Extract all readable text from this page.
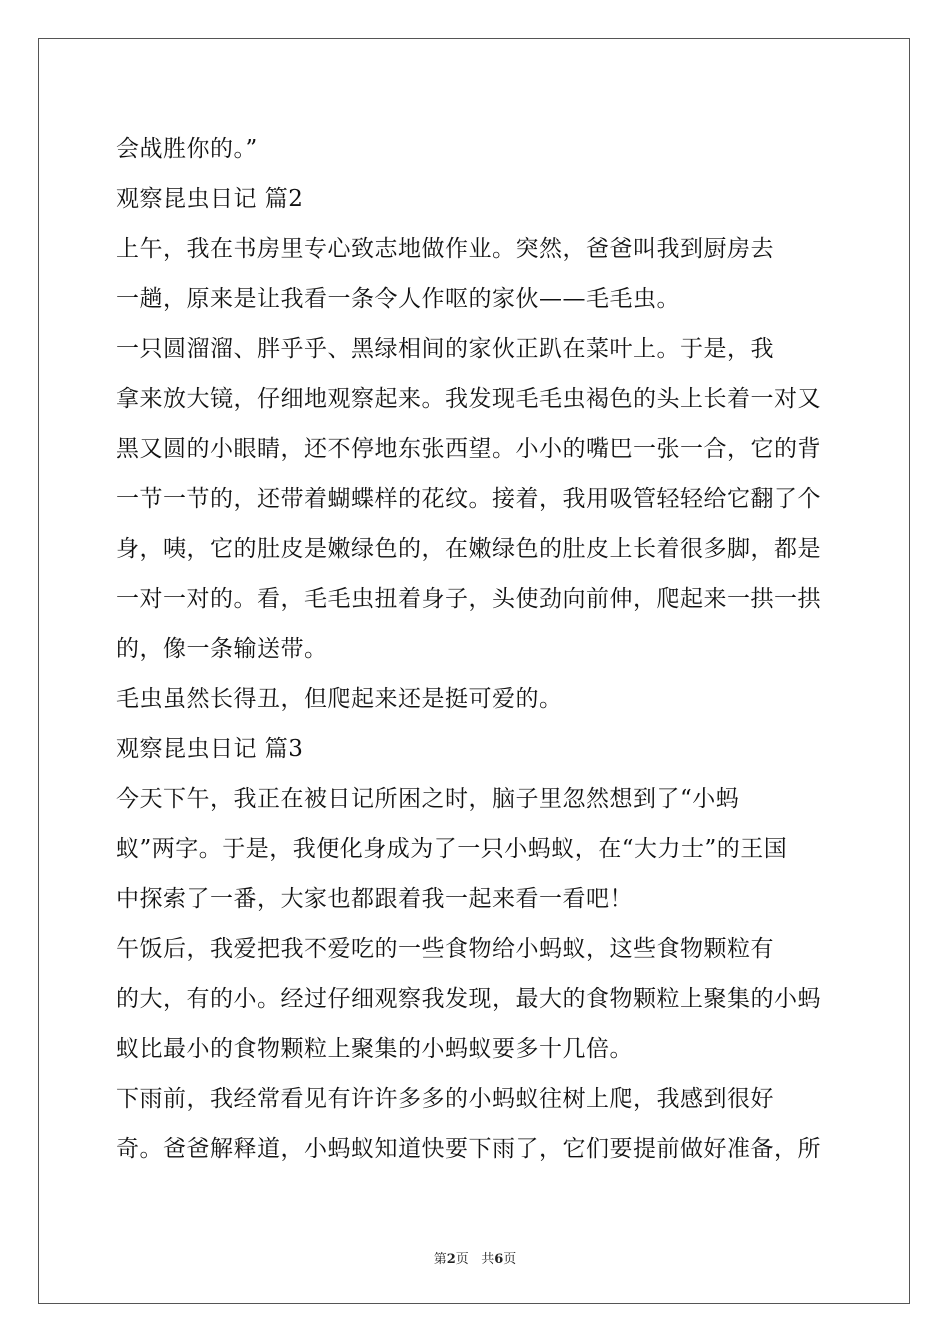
会战胜你的。”
观察昆虫日记 篇2
上午，我在书房里专心致志地做作业。突然，爸爸叫我到厨房去
一趟，原来是让我看一条令人作呕的家伙——毛毛虫。
一只圆溜溜、胖乎乎、黑绿相间的家伙正趴在菜叶上。于是，我
拿来放大镜，仔细地观察起来。我发现毛毛虫褐色的头上长着一对又
黑又圆的小眼睛，还不停地东张西望。小小的嘴巴一张一合，它的背
一节一节的，还带着蝴蝶样的花纹。接着，我用吸管轻轻给它翻了个
身，咦，它的肚皮是嫩绿色的，在嫩绿色的肚皮上长着很多脚，都是
一对一对的。看，毛毛虫扭着身子，头使劲向前伸，爬起来一拱一拱
的，像一条输送带。
毛虫虽然长得丑，但爬起来还是挺可爱的。
观察昆虫日记 篇3
今天下午，我正在被日记所困之时，脑子里忽然想到了“小蚂
蚁”两字。于是，我便化身成为了一只小蚂蚁，在“大力士”的王国
中探索了一番，大家也都跟着我一起来看一看吧！
午饭后，我爱把我不爱吃的一些食物给小蚂蚁，这些食物颗粒有
的大，有的小。经过仔细观察我发现，最大的食物颗粒上聚集的小蚂
蚁比最小的食物颗粒上聚集的小蚂蚁要多十几倍。
下雨前，我经常看见有许许多多的小蚂蚁往树上爬，我感到很好
奇。爸爸解释道，小蚂蚁知道快要下雨了，它们要提前做好准备，所
第2页 共6页
